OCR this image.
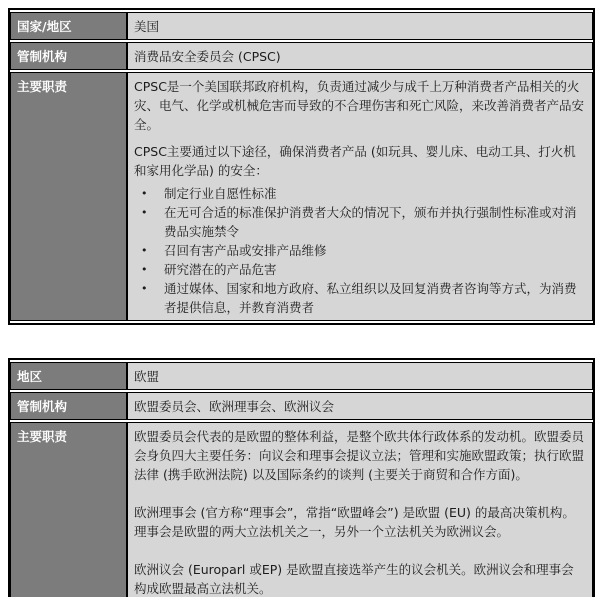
国家/地区	美国
管制机构	消费品安全委员会 (CPSC)
主要职责	CPSC是一个美国联邦政府机构，负责通过减少与成千上万种消费者产品相关的火灾、电气、化学或机械危害而导致的不合理伤害和死亡风险，来改善消费者产品安全。

CPSC主要通过以下途径，确保消费者产品 (如玩具、婴儿床、电动工具、打火机和家用化学品) 的安全：

• 制定行业自愿性标准
• 在无可合适的标准保护消费者大众的情况下，颁布并执行强制性标准或对消费品实施禁令
• 召回有害产品或安排产品维修
• 研究潜在的产品危害
• 通过媒体、国家和地方政府、私立组织以及回复消费者咨询等方式，为消费者提供信息，并教育消费者
地区	欧盟
管制机构	欧盟委员会、欧洲理事会、欧洲议会
主要职责	欧盟委员会代表的是欧盟的整体利益，是整个欧共体行政体系的发动机。欧盟委员会身负四大主要任务：向议会和理事会提议立法；管理和实施欧盟政策；执行欧盟法律 (携手欧洲法院) 以及国际条约的谈判 (主要关于商贸和合作方面)。

欧洲理事会 (官方称“理事会”，常指“欧盟峰会”) 是欧盟 (EU) 的最高决策机构。理事会是欧盟的两大立法机关之一，另外一个立法机关为欧洲议会。

欧洲议会 (Europarl 或EP) 是欧盟直接选举产生的议会机关。欧洲议会和理事会构成欧盟最高立法机关。
